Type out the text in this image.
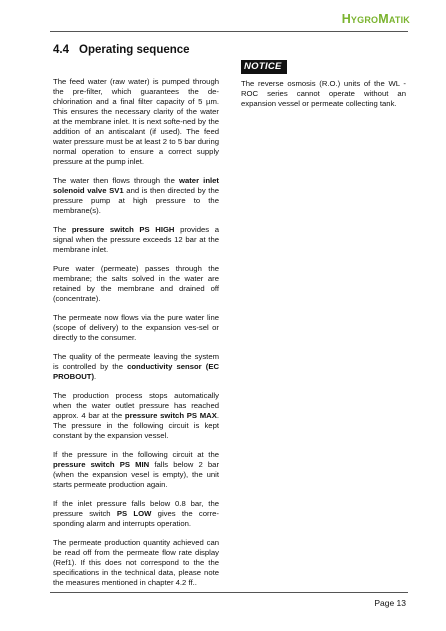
HYGROMATIK
4.4 Operating sequence

The feed water (raw water) is pumped through the pre-filter, which guarantees the de-chlorination and a final filter capacity of 5 µm. This ensures the necessary clarity of the water at the membrane inlet. It is next softe-ned by the addition of an antiscalant (if used). The feed water pressure must be at least 2 to 5 bar during normal operation to ensure a correct supply pressure at the pump inlet.

The water then flows through the water inlet solenoid valve SV1 and is then directed by the pressure pump at high pressure to the membrane(s).

The pressure switch PS HIGH provides a signal when the pressure exceeds 12 bar at the membrane inlet.

Pure water (permeate) passes through the membrane; the salts solved in the water are retained by the membrane and drained off (concentrate).

The permeate now flows via the pure water line (scope of delivery) to the expansion ves-sel or directly to the consumer.

The quality of the permeate leaving the system is controlled by the conductivity sensor (EC PROBOUT).

The production process stops automatically when the water outlet pressure has reached approx. 4 bar at the pressure switch PS MAX. The pressure in the following circuit is kept constant by the expansion vessel.

If the pressure in the following circuit at the pressure switch PS MIN falls below 2 bar (when the expansion vesel is empty), the unit starts permeate production again.

If the inlet pressure falls below 0.8 bar, the pressure switch PS LOW gives the corre-sponding alarm and interrupts operation.

The permeate production quantity achieved can be read off from the permeate flow rate display (Ref1). If this does not correspond to the the specifications in the technical data, please note the measures mentioned in chapter 4.2 ff..

NOTICE

The reverse osmosis (R.O.) units of the WL - ROC series cannot operate without an expansion vessel or permeate collecting tank.

Page 13
